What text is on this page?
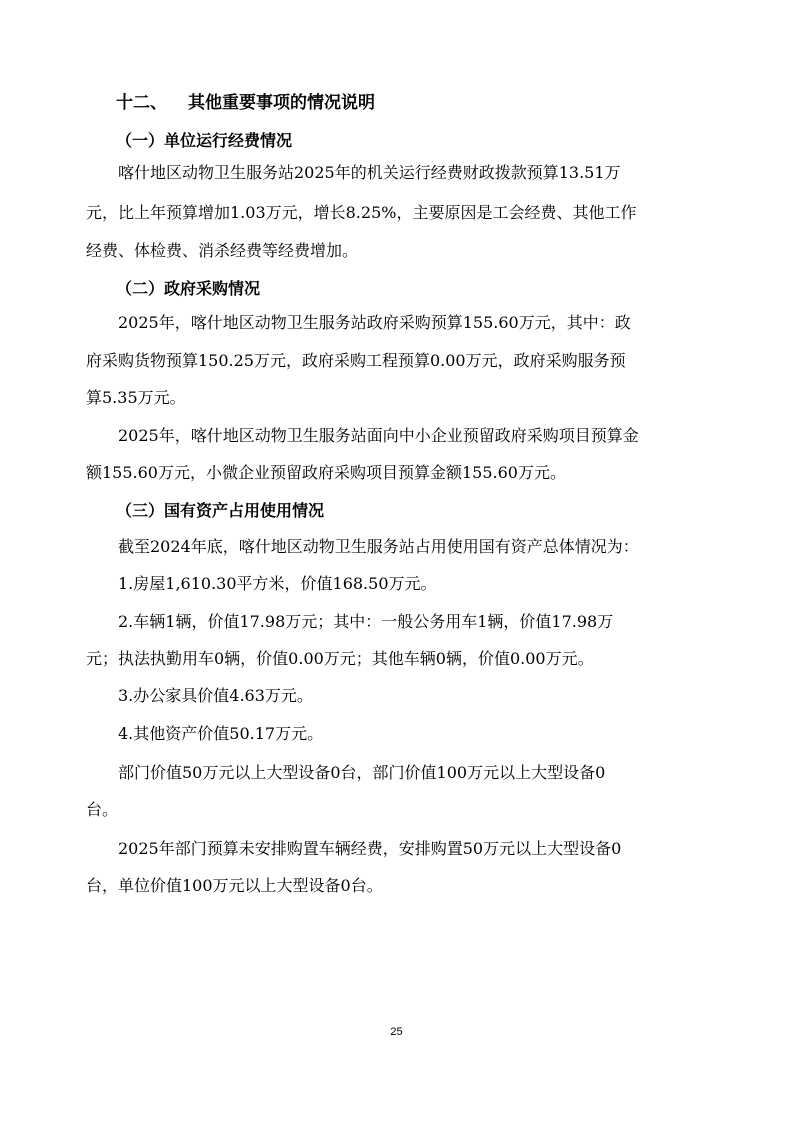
十二、 其他重要事项的情况说明
（一）单位运行经费情况
喀什地区动物卫生服务站2025年的机关运行经费财政拨款预算13.51万
元，比上年预算增加1.03万元，增长8.25%，主要原因是工会经费、其他工作
经费、体检费、消杀经费等经费增加。
（二）政府采购情况
2025年，喀什地区动物卫生服务站政府采购预算155.60万元，其中：政
府采购货物预算150.25万元，政府采购工程预算0.00万元，政府采购服务预
算5.35万元。
2025年，喀什地区动物卫生服务站面向中小企业预留政府采购项目预算金
额155.60万元，小微企业预留政府采购项目预算金额155.60万元。
（三）国有资产占用使用情况
截至2024年底，喀什地区动物卫生服务站占用使用国有资产总体情况为：
1.房屋1,610.30平方米，价值168.50万元。
2.车辆1辆，价值17.98万元；其中：一般公务用车1辆，价值17.98万
元；执法执勤用车0辆，价值0.00万元；其他车辆0辆，价值0.00万元。
3.办公家具价值4.63万元。
4.其他资产价值50.17万元。
部门价值50万元以上大型设备0台，部门价值100万元以上大型设备0
台。
2025年部门预算未安排购置车辆经费，安排购置50万元以上大型设备0
台，单位价值100万元以上大型设备0台。
25
